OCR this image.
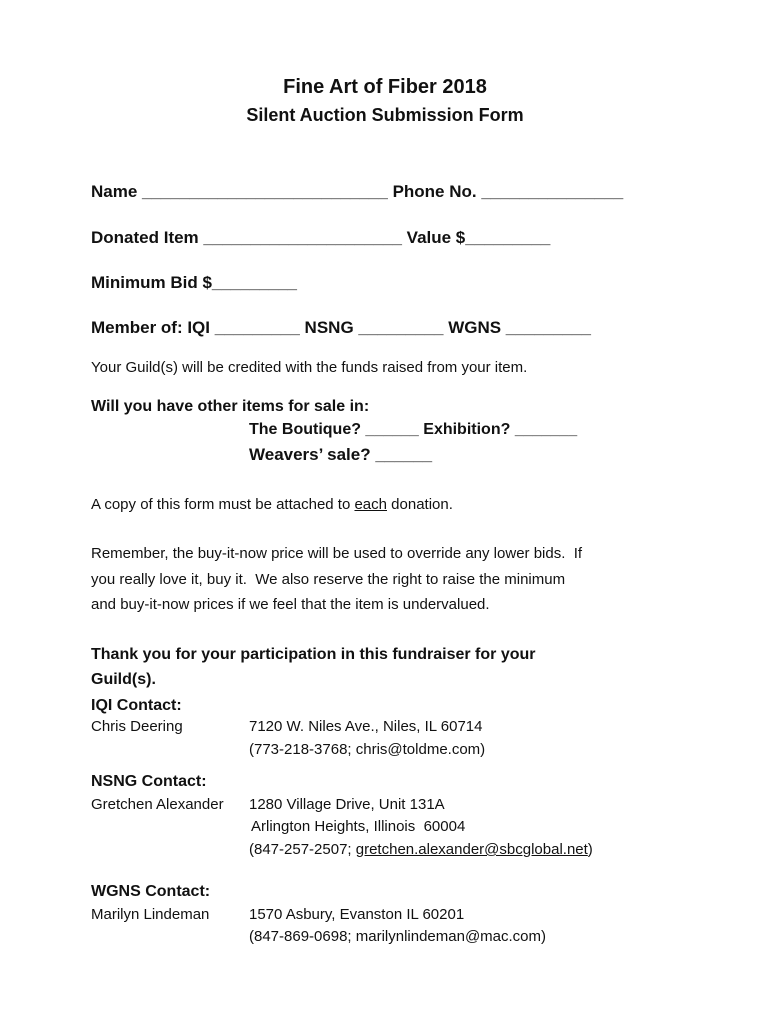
Fine Art of Fiber 2018
Silent Auction Submission Form
Name __________________________ Phone No. _______________
Donated Item _____________________ Value $_________
Minimum Bid $_________
Member of: IQI _________ NSNG _________ WGNS _________
Your Guild(s) will be credited with the funds raised from your item.
Will you have other items for sale in:
The Boutique? ______ Exhibition? _______
Weavers’ sale? ______
A copy of this form must be attached to each donation.
Remember, the buy-it-now price will be used to override any lower bids.  If
you really love it, buy it.  We also reserve the right to raise the minimum
and buy-it-now prices if we feel that the item is undervalued.
Thank you for your participation in this fundraiser for your
Guild(s).
IQI Contact:
Chris Deering	7120 W. Niles Ave., Niles, IL 60714
(773-218-3768; chris@toldme.com)
NSNG Contact:
Gretchen Alexander 1280 Village Drive, Unit 131A
Arlington Heights, Illinois  60004
(847-257-2507; gretchen.alexander@sbcglobal.net)
WGNS Contact:
Marilyn Lindeman	1570 Asbury, Evanston IL 60201
(847-869-0698; marilynlindeman@mac.com)
